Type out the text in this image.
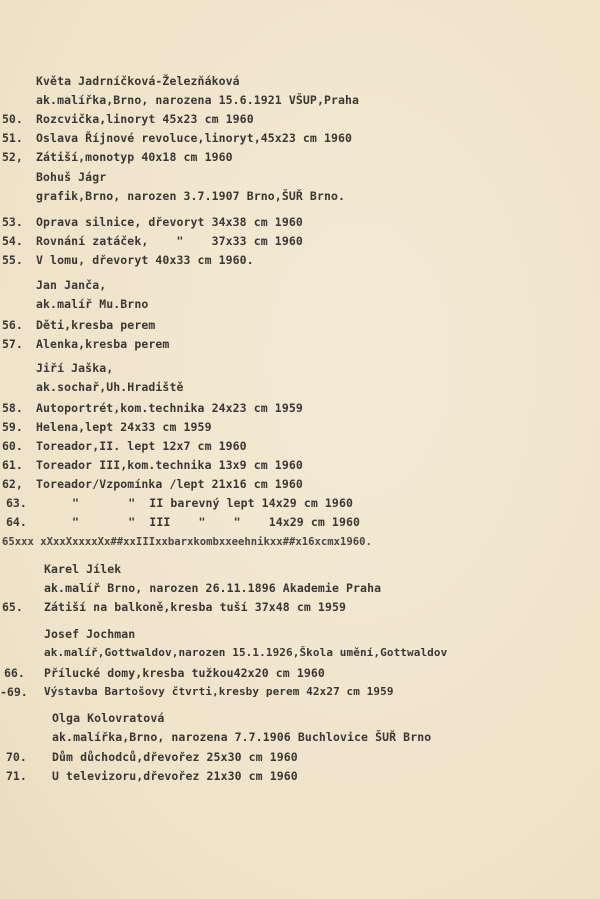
Květa Jadrníčková-Železňáková
ak.malířka,Brno, narozena 15.6.1921 VŠUP,Praha
50. Rozcvička,linoryt 45x23 cm 1960
51. Oslava Říjnové revoluce,linoryt,45x23 cm 1960
52, Zátiší,monotyp 40x18 cm 1960
Bohuš Jágr
grafik,Brno, narozen 3.7.1907 Brno,ŠUŘ Brno.
53. Oprava silnice, dřevoryt 34x38 cm 1960
54. Rovnání zatáček,    "    37x33 cm 1960
55. V lomu, dřevoryt 40x33 cm 1960.
Jan Janča,
ak.malíř Mu.Brno
56. Děti,kresba perem
57. Alenka,kresba perem
Jiří Jaška,
ak.sochař,Uh.Hradiště
58. Autoportrét,kom.technika 24x23 cm 1959
59. Helena,lept 24x33 cm 1959
60. Toreador,II. lept 12x7 cm 1960
61. Toreador III,kom.technika 13x9 cm 1960
62, Toreador/Vzpomínka /lept 21x16 cm 1960
63.	"       "  II barevný lept 14x29 cm 1960
64.	"       "  III    "    "    14x29 cm 1960
65xxx xXxxXxxxxXx##xxIIIxxbarxkombxxeehnikxx##x16xcmx1960.
Karel Jílek
ak.malíř Brno, narozen 26.11.1896 Akademie Praha
65. Zátiší na balkoně,kresba tuší 37x48 cm 1959
Josef Jochman
ak.malíř,Gottwaldov,narozen 15.1.1926,Škola umění,Gottwaldov
66. Přílucké domy,kresba tužkou42x20 cm 1960
-69. Výstavba Bartošovy čtvrti,kresby perem 42x27 cm 1959
Olga Kolovratová
ak.malířka,Brno, narozena 7.7.1906 Buchlovice ŠUŘ Brno
70. Dům důchodců,dřevořez 25x30 cm 1960
71. U televizoru,dřevořez 21x30 cm 1960
